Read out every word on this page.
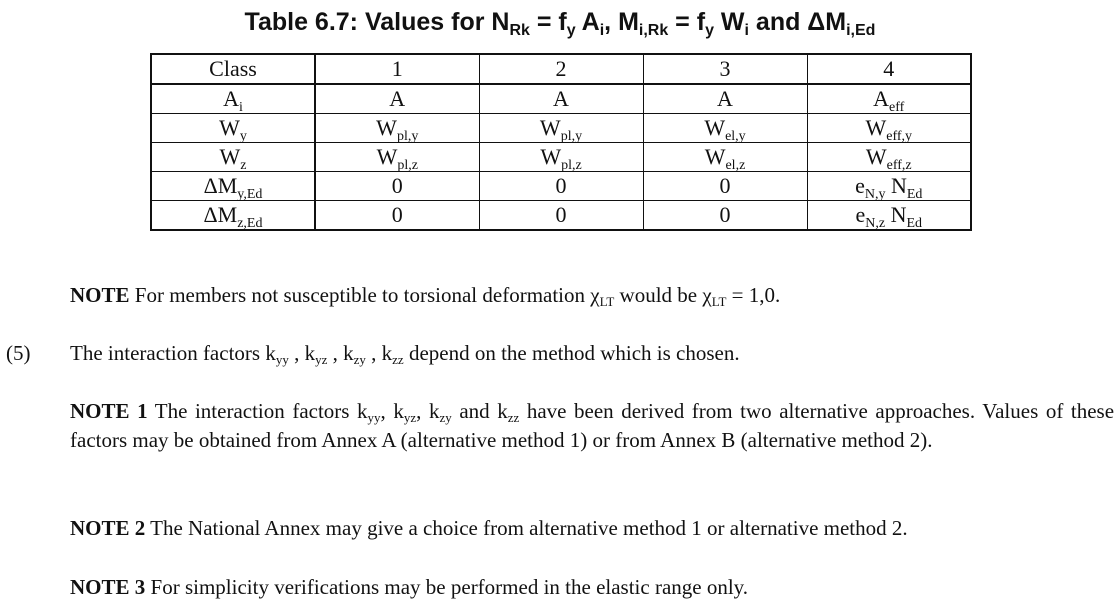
Table 6.7: Values for $N_{Rk} = f_y$ $A_i$, $M_{i,Rk} = f_y$ $W_i$ and $\Delta M_{i,Ed}$
Class	1	2	3	4
$A_i$	A	A	A	$A_{eff}$
$W_y$	$W_{pl,y}$	$W_{pl,y}$	$W_{el,y}$	$W_{eff,y}$
$W_z$	$W_{pl,z}$	$W_{pl,z}$	$W_{el,z}$	$W_{eff,z}$
$\Delta M_{y,Ed}$	0	0	0	$e_{N,y}$ $N_{Ed}$
$\Delta M_{z,Ed}$	0	0	0	$e_{N,z}$ $N_{Ed}$
NOTE For members not susceptible to torsional deformation $\chi_{LT}$ would be $\chi_{LT} = 1,0$.
(5) The interaction factors $k_{yy}$ , $k_{yz}$ , $k_{zy}$ , $k_{zz}$ depend on the method which is chosen.
NOTE 1 The interaction factors $k_{yy}$, $k_{yz}$, $k_{zy}$ and $k_{zz}$ have been derived from two alternative approaches. Values of these factors may be obtained from Annex A (alternative method 1) or from Annex B (alternative method 2).
NOTE 2 The National Annex may give a choice from alternative method 1 or alternative method 2.
NOTE 3 For simplicity verifications may be performed in the elastic range only.
